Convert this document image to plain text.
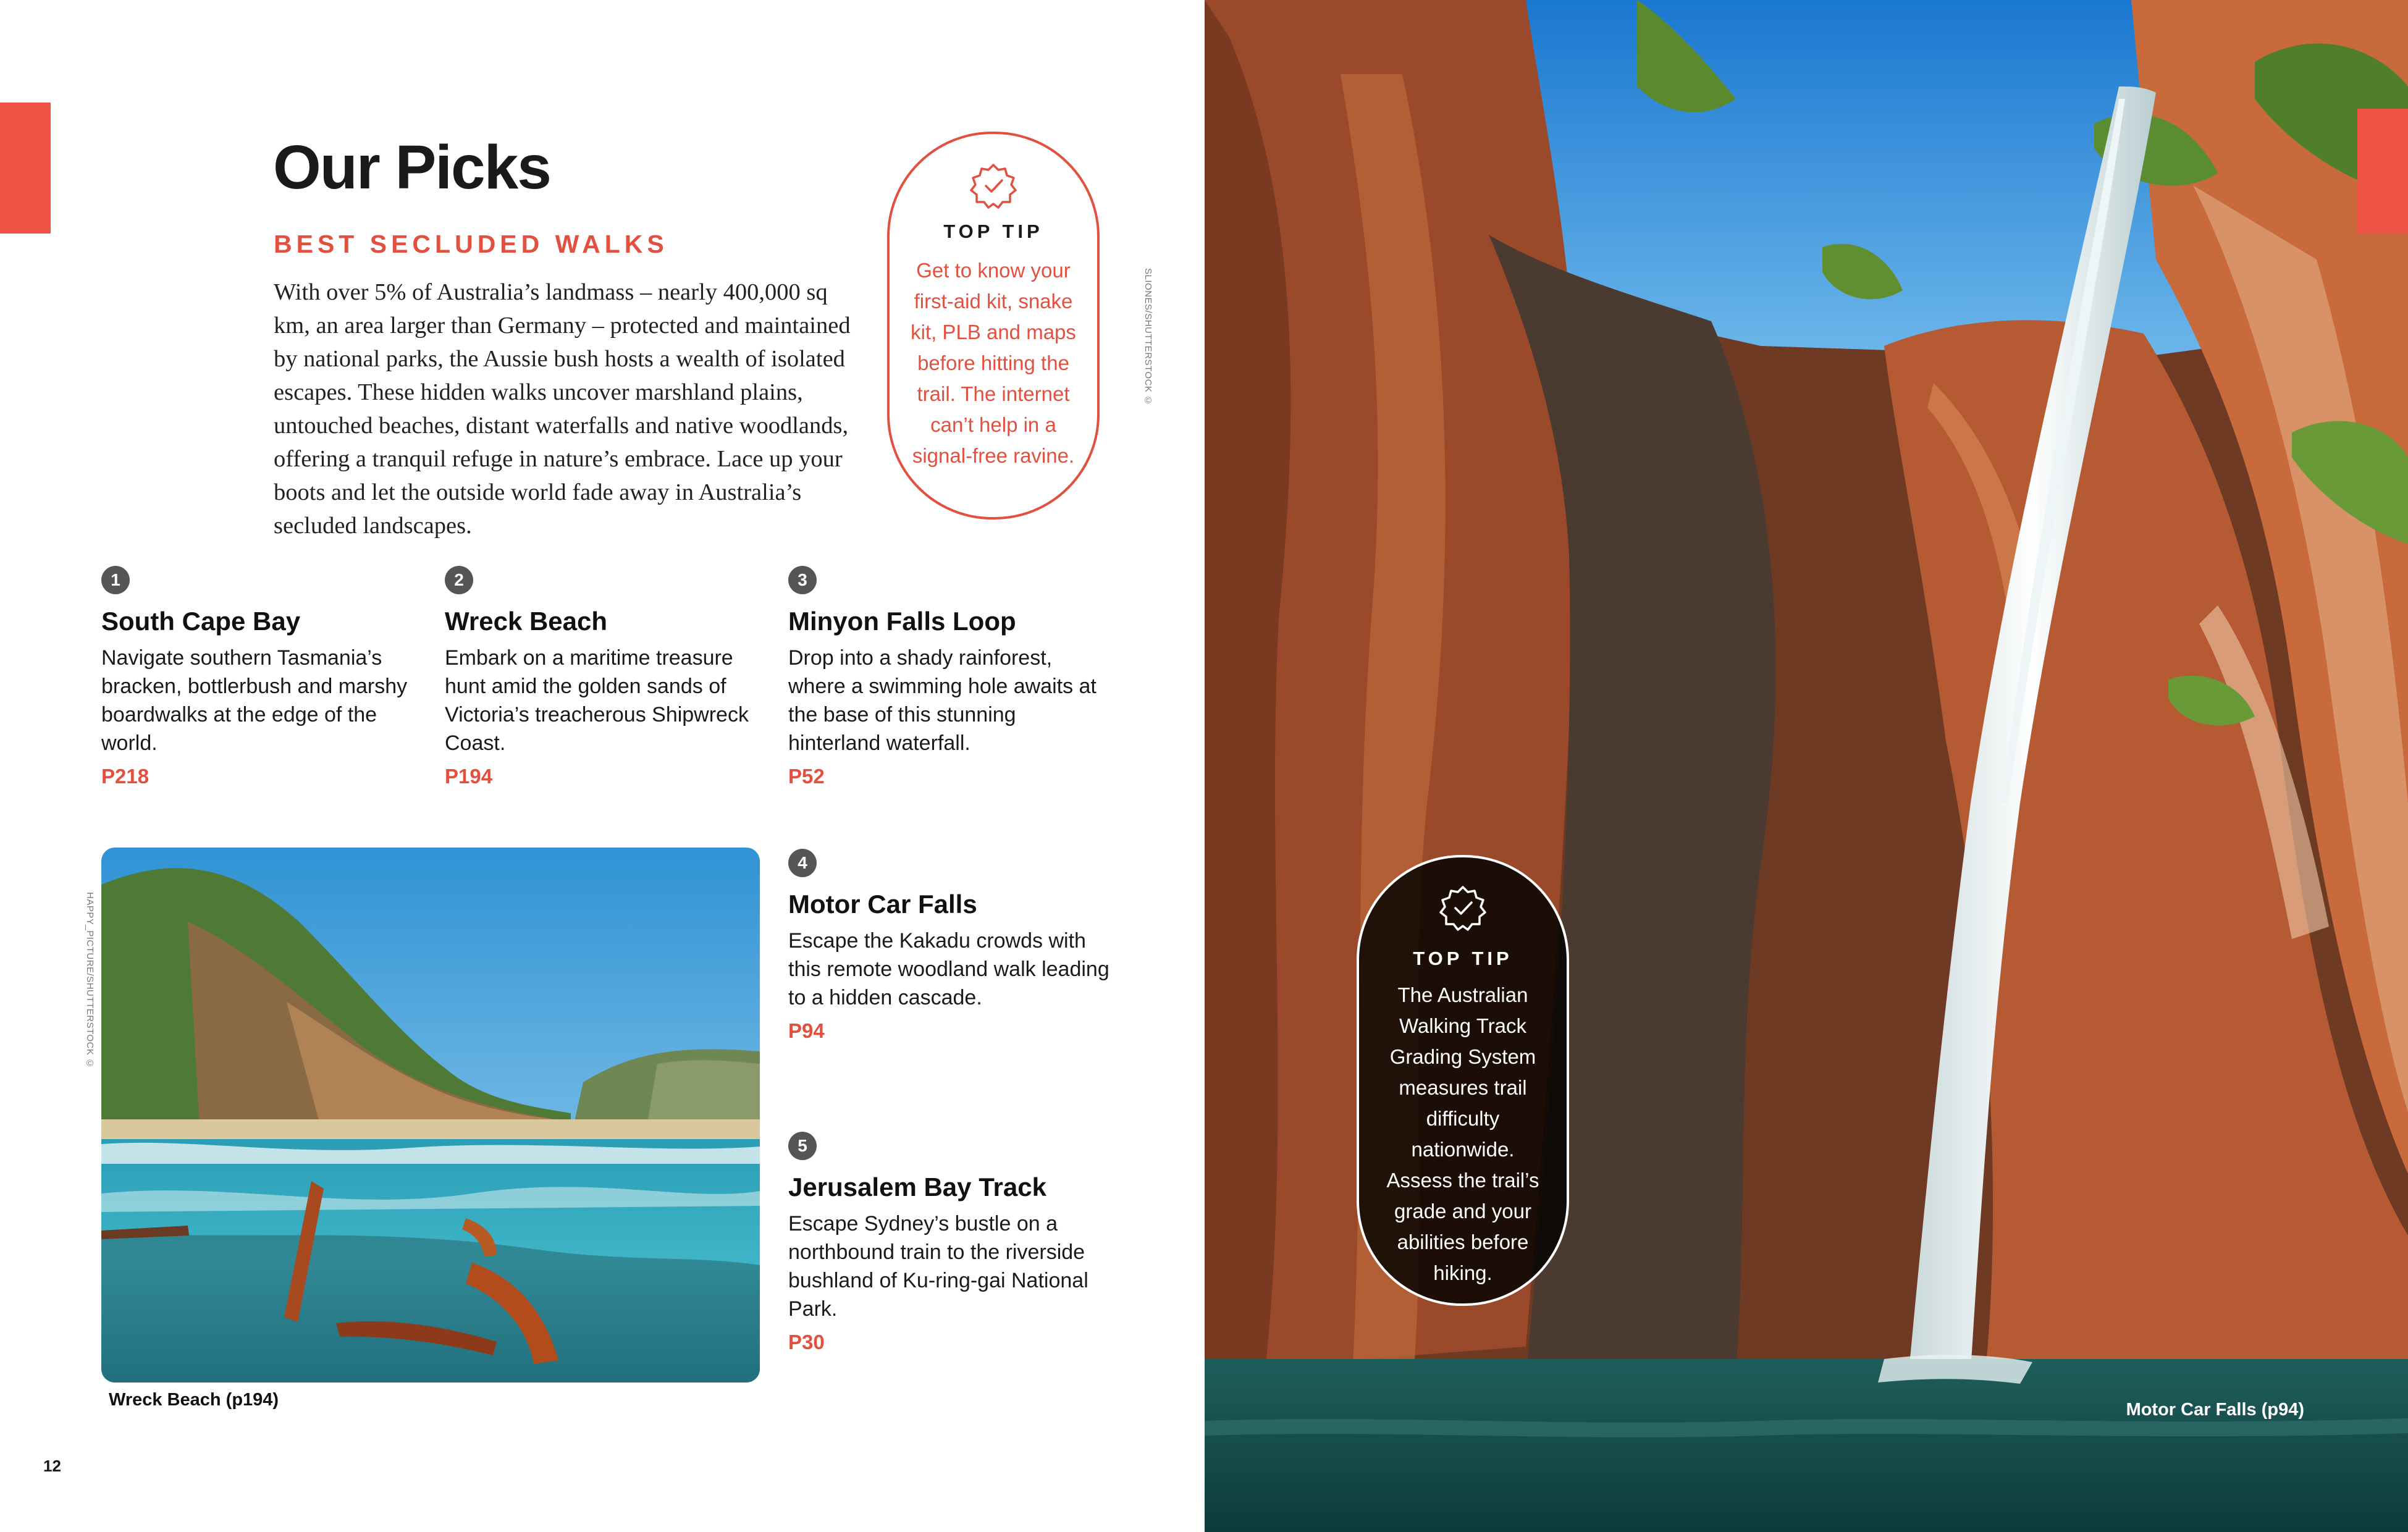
Our Picks
BEST SECLUDED WALKS
With over 5% of Australia’s landmass – nearly 400,000 sq km, an area larger than Germany – protected and maintained by national parks, the Aussie bush hosts a wealth of isolated escapes. These hidden walks uncover marshland plains, untouched beaches, distant waterfalls and native woodlands, offering a tranquil refuge in nature’s embrace. Lace up your boots and let the outside world fade away in Australia’s secluded landscapes.
TOP TIP
Get to know your first-aid kit, snake kit, PLB and maps before hitting the trail. The internet can’t help in a signal-free ravine.
SLIONES/SHUTTERSTOCK ©
1
South Cape Bay
Navigate southern Tasmania’s bracken, bottlerbush and marshy boardwalks at the edge of the world.
P218
2
Wreck Beach
Embark on a maritime treasure hunt amid the golden sands of Victoria’s treacherous Shipwreck Coast.
P194
3
Minyon Falls Loop
Drop into a shady rainforest, where a swimming hole awaits at the base of this stunning hinterland waterfall.
P52
4
Motor Car Falls
Escape the Kakadu crowds with this remote woodland walk leading to a hidden cascade.
P94
5
Jerusalem Bay Track
Escape Sydney’s bustle on a northbound train to the riverside bushland of Ku-ring-gai National Park.
P30
Wreck Beach (p194)
HAPPY_PICTURE/SHUTTERSTOCK ©
12
TOP TIP
The Australian Walking Track Grading System measures trail difficulty nationwide. Assess the trail’s grade and your abilities before hiking.
Motor Car Falls (p94)
